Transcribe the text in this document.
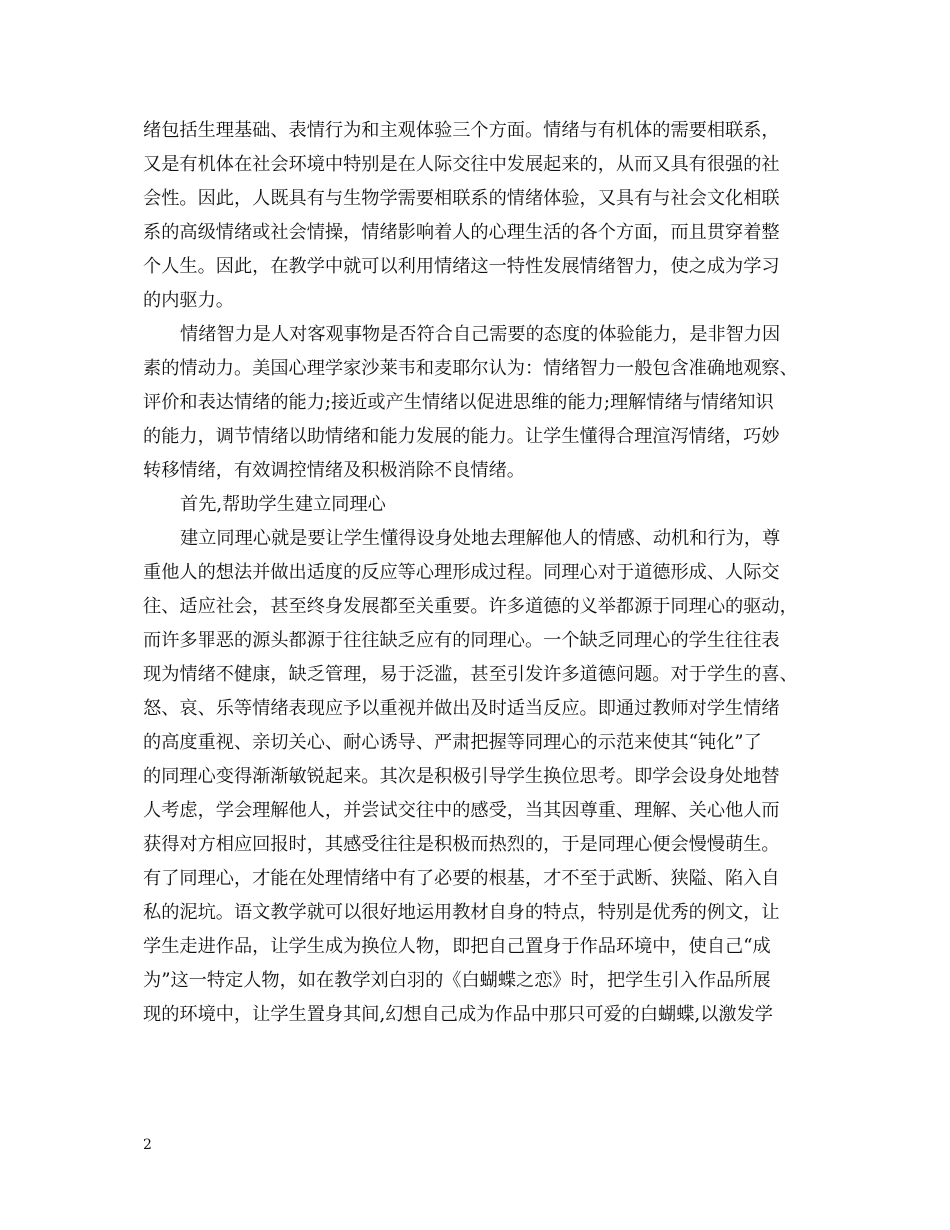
绪包括生理基础、表情行为和主观体验三个方面。情绪与有机体的需要相联系，

又是有机体在社会环境中特别是在人际交往中发展起来的，从而又具有很强的社

会性。因此，人既具有与生物学需要相联系的情绪体验，又具有与社会文化相联

系的高级情绪或社会情操，情绪影响着人的心理生活的各个方面，而且贯穿着整

个人生。因此，在教学中就可以利用情绪这一特性发展情绪智力，使之成为学习

的内驱力。

情绪智力是人对客观事物是否符合自己需要的态度的体验能力，是非智力因

素的情动力。美国心理学家沙莱韦和麦耶尔认为：情绪智力一般包含准确地观察、

评价和表达情绪的能力;接近或产生情绪以促进思维的能力;理解情绪与情绪知识

的能力，调节情绪以助情绪和能力发展的能力。让学生懂得合理渲泻情绪，巧妙

转移情绪，有效调控情绪及积极消除不良情绪。

首先,帮助学生建立同理心

建立同理心就是要让学生懂得设身处地去理解他人的情感、动机和行为，尊

重他人的想法并做出适度的反应等心理形成过程。同理心对于道德形成、人际交

往、适应社会，甚至终身发展都至关重要。许多道德的义举都源于同理心的驱动，

而许多罪恶的源头都源于往往缺乏应有的同理心。一个缺乏同理心的学生往往表

现为情绪不健康，缺乏管理，易于泛滥，甚至引发许多道德问题。对于学生的喜、

怒、哀、乐等情绪表现应予以重视并做出及时适当反应。即通过教师对学生情绪

的高度重视、亲切关心、耐心诱导、严肃把握等同理心的示范来使其“钝化”了

的同理心变得渐渐敏锐起来。其次是积极引导学生换位思考。即学会设身处地替

人考虑，学会理解他人，并尝试交往中的感受，当其因尊重、理解、关心他人而

获得对方相应回报时，其感受往往是积极而热烈的，于是同理心便会慢慢萌生。

有了同理心，才能在处理情绪中有了必要的根基，才不至于武断、狭隘、陷入自

私的泥坑。语文教学就可以很好地运用教材自身的特点，特别是优秀的例文，让

学生走进作品，让学生成为换位人物，即把自己置身于作品环境中，使自己“成

为”这一特定人物，如在教学刘白羽的《白蝴蝶之恋》时，把学生引入作品所展

现的环境中，让学生置身其间,幻想自己成为作品中那只可爱的白蝴蝶,以激发学

2
